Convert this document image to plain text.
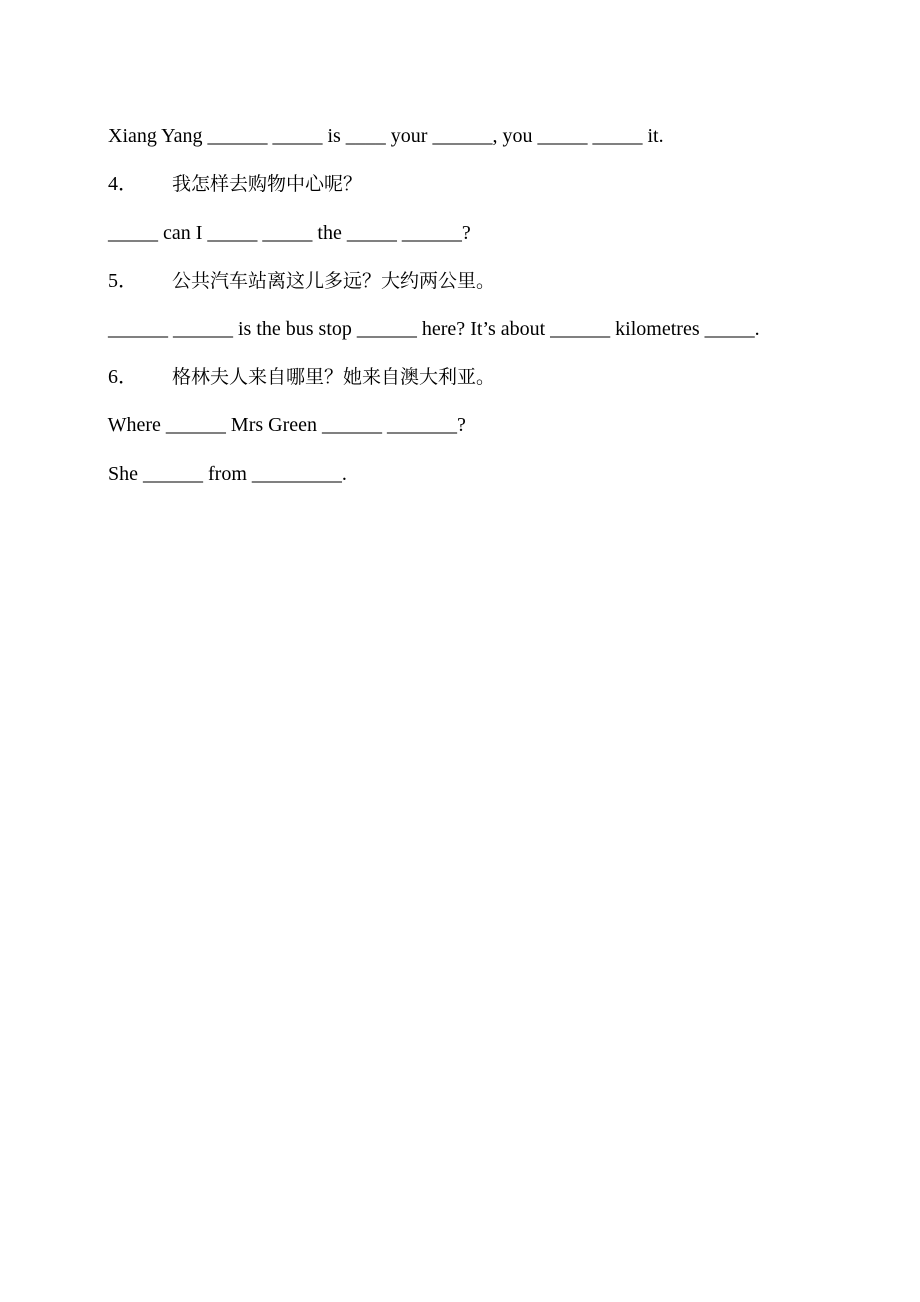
Xiang Yang ______ _____ is ____ your ______, you _____ _____ it.

4． 我怎样去购物中心呢？

_____ can I _____ _____ the _____ ______?

5． 公共汽车站离这儿多远？大约两公里。

______ ______ is the bus stop ______ here? It’s about ______ kilometres _____.

6． 格林夫人来自哪里？她来自澳大利亚。

Where ______ Mrs Green ______ _______?

She ______ from _________.
